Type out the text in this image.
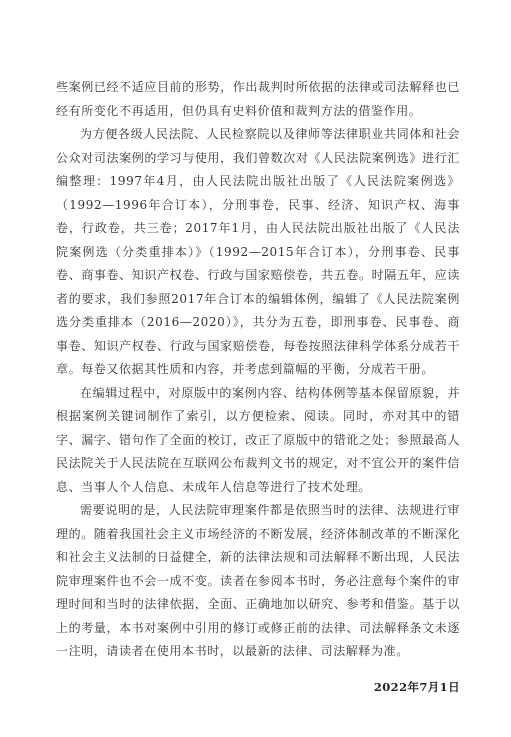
些案例已经不适应目前的形势，作出裁判时所依据的法律或司法解释也已经有所变化不再适用，但仍具有史料价值和裁判方法的借鉴作用。

为方便各级人民法院、人民检察院以及律师等法律职业共同体和社会公众对司法案例的学习与使用，我们曾数次对《人民法院案例选》进行汇编整理：1997年4月，由人民法院出版社出版了《人民法院案例选》（1992—1996年合订本），分刑事卷，民事、经济、知识产权、海事卷，行政卷，共三卷；2017年1月，由人民法院出版社出版了《人民法院案例选（分类重排本）》（1992—2015年合订本），分刑事卷、民事卷、商事卷、知识产权卷、行政与国家赔偿卷，共五卷。时隔五年，应读者的要求，我们参照2017年合订本的编辑体例，编辑了《人民法院案例选分类重排本（2016—2020）》，共分为五卷，即刑事卷、民事卷、商事卷、知识产权卷、行政与国家赔偿卷，每卷按照法律科学体系分成若干章。每卷又依据其性质和内容，并考虑到篇幅的平衡，分成若干册。

在编辑过程中，对原版中的案例内容、结构体例等基本保留原貌，并根据案例关键词制作了索引，以方便检索、阅读。同时，亦对其中的错字、漏字、错句作了全面的校订，改正了原版中的错讹之处；参照最高人民法院关于人民法院在互联网公布裁判文书的规定，对不宜公开的案件信息、当事人个人信息、未成年人信息等进行了技术处理。

需要说明的是，人民法院审理案件都是依照当时的法律、法规进行审理的。随着我国社会主义市场经济的不断发展，经济体制改革的不断深化和社会主义法制的日益健全，新的法律法规和司法解释不断出现，人民法院审理案件也不会一成不变。读者在参阅本书时，务必注意每个案件的审理时间和当时的法律依据，全面、正确地加以研究、参考和借鉴。基于以上的考量，本书对案例中引用的修订或修正前的法律、司法解释条文未逐一注明，请读者在使用本书时，以最新的法律、司法解释为准。

2022年7月1日
